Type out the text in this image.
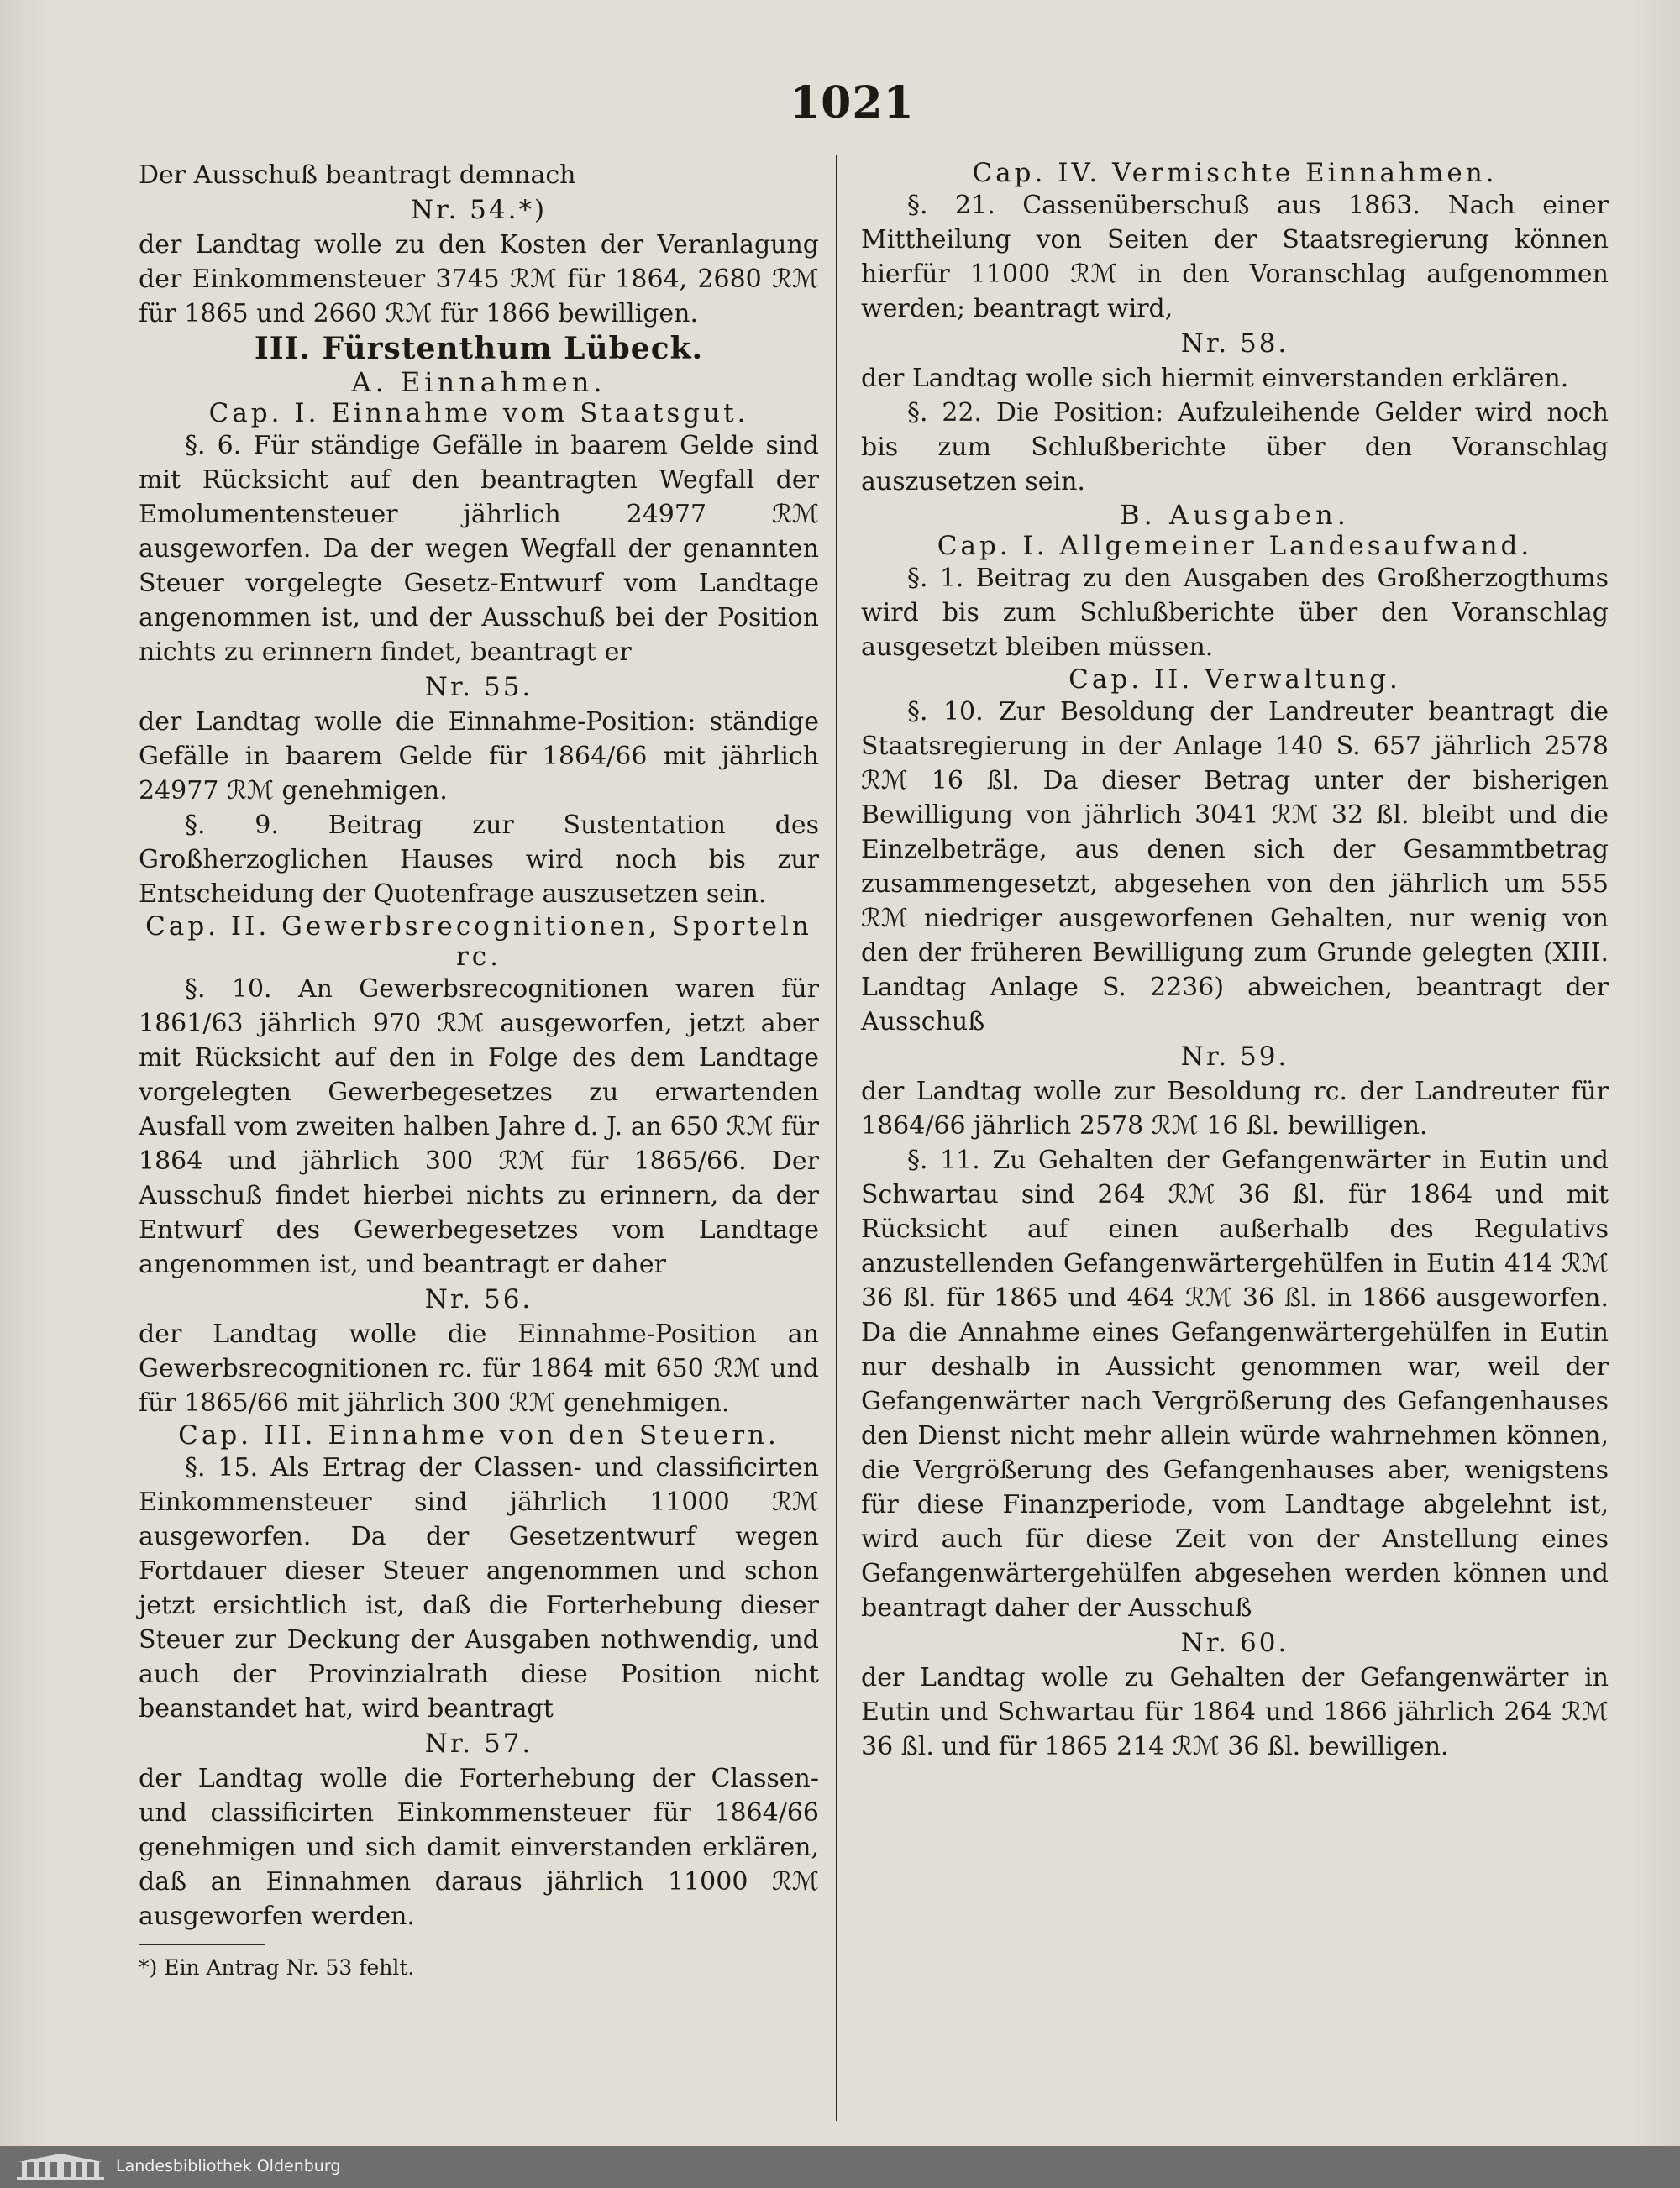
1021

Der Ausschuß beantragt demnach

Nr. 54.*)

der Landtag wolle zu den Kosten der Veranlagung der Einkommensteuer 3745 ℛℳ für 1864, 2680 ℛℳ für 1865 und 2660 ℛℳ für 1866 bewilligen.

III. Fürstenthum Lübeck.

A. Einnahmen.

Cap. I. Einnahme vom Staatsgut.

§. 6. Für ständige Gefälle in baarem Gelde sind mit Rücksicht auf den beantragten Wegfall der Emolumentensteuer jährlich 24977 ℛℳ ausgeworfen. Da der wegen Wegfall der genannten Steuer vorgelegte Gesetz-Entwurf vom Landtage angenommen ist, und der Ausschuß bei der Position nichts zu erinnern findet, beantragt er

Nr. 55.

der Landtag wolle die Einnahme-Position: ständige Gefälle in baarem Gelde für 1864/66 mit jährlich 24977 ℛℳ genehmigen.

§. 9. Beitrag zur Sustentation des Großherzoglichen Hauses wird noch bis zur Entscheidung der Quotenfrage auszusetzen sein.

Cap. II. Gewerbsrecognitionen, Sporteln rc.

§. 10. An Gewerbsrecognitionen waren für 1861/63 jährlich 970 ℛℳ ausgeworfen, jetzt aber mit Rücksicht auf den in Folge des dem Landtage vorgelegten Gewerbegesetzes zu erwartenden Ausfall vom zweiten halben Jahre d. J. an 650 ℛℳ für 1864 und jährlich 300 ℛℳ für 1865/66. Der Ausschuß findet hierbei nichts zu erinnern, da der Entwurf des Gewerbegesetzes vom Landtage angenommen ist, und beantragt er daher

Nr. 56.

der Landtag wolle die Einnahme-Position an Gewerbsrecognitionen rc. für 1864 mit 650 ℛℳ und für 1865/66 mit jährlich 300 ℛℳ genehmigen.

Cap. III. Einnahme von den Steuern.

§. 15. Als Ertrag der Classen- und classificirten Einkommensteuer sind jährlich 11000 ℛℳ ausgeworfen. Da der Gesetzentwurf wegen Fortdauer dieser Steuer angenommen und schon jetzt ersichtlich ist, daß die Forterhebung dieser Steuer zur Deckung der Ausgaben nothwendig, und auch der Provinzialrath diese Position nicht beanstandet hat, wird beantragt

Nr. 57.

der Landtag wolle die Forterhebung der Classen- und classificirten Einkommensteuer für 1864/66 genehmigen und sich damit einverstanden erklären, daß an Einnahmen daraus jährlich 11000 ℛℳ ausgeworfen werden.

*) Ein Antrag Nr. 53 fehlt.

Cap. IV. Vermischte Einnahmen.

§. 21. Cassenüberschuß aus 1863. Nach einer Mittheilung von Seiten der Staatsregierung können hierfür 11000 ℛℳ in den Voranschlag aufgenommen werden; beantragt wird,

Nr. 58.

der Landtag wolle sich hiermit einverstanden erklären.

§. 22. Die Position: Aufzuleihende Gelder wird noch bis zum Schlußberichte über den Voranschlag auszusetzen sein.

B. Ausgaben.

Cap. I. Allgemeiner Landesaufwand.

§. 1. Beitrag zu den Ausgaben des Großherzogthums wird bis zum Schlußberichte über den Voranschlag ausgesetzt bleiben müssen.

Cap. II. Verwaltung.

§. 10. Zur Besoldung der Landreuter beantragt die Staatsregierung in der Anlage 140 S. 657 jährlich 2578 ℛℳ 16 ßl. Da dieser Betrag unter der bisherigen Bewilligung von jährlich 3041 ℛℳ 32 ßl. bleibt und die Einzelbeträge, aus denen sich der Gesammtbetrag zusammengesetzt, abgesehen von den jährlich um 555 ℛℳ niedriger ausgeworfenen Gehalten, nur wenig von den der früheren Bewilligung zum Grunde gelegten (XIII. Landtag Anlage S. 2236) abweichen, beantragt der Ausschuß

Nr. 59.

der Landtag wolle zur Besoldung rc. der Landreuter für 1864/66 jährlich 2578 ℛℳ 16 ßl. bewilligen.

§. 11. Zu Gehalten der Gefangenwärter in Eutin und Schwartau sind 264 ℛℳ 36 ßl. für 1864 und mit Rücksicht auf einen außerhalb des Regulativs anzustellenden Gefangenwärtergehülfen in Eutin 414 ℛℳ 36 ßl. für 1865 und 464 ℛℳ 36 ßl. in 1866 ausgeworfen. Da die Annahme eines Gefangenwärtergehülfen in Eutin nur deshalb in Aussicht genommen war, weil der Gefangenwärter nach Vergrößerung des Gefangenhauses den Dienst nicht mehr allein würde wahrnehmen können, die Vergrößerung des Gefangenhauses aber, wenigstens für diese Finanzperiode, vom Landtage abgelehnt ist, wird auch für diese Zeit von der Anstellung eines Gefangenwärtergehülfen abgesehen werden können und beantragt daher der Ausschuß

Nr. 60.

der Landtag wolle zu Gehalten der Gefangenwärter in Eutin und Schwartau für 1864 und 1866 jährlich 264 ℛℳ 36 ßl. und für 1865 214 ℛℳ 36 ßl. bewilligen.

Landesbibliothek Oldenburg
